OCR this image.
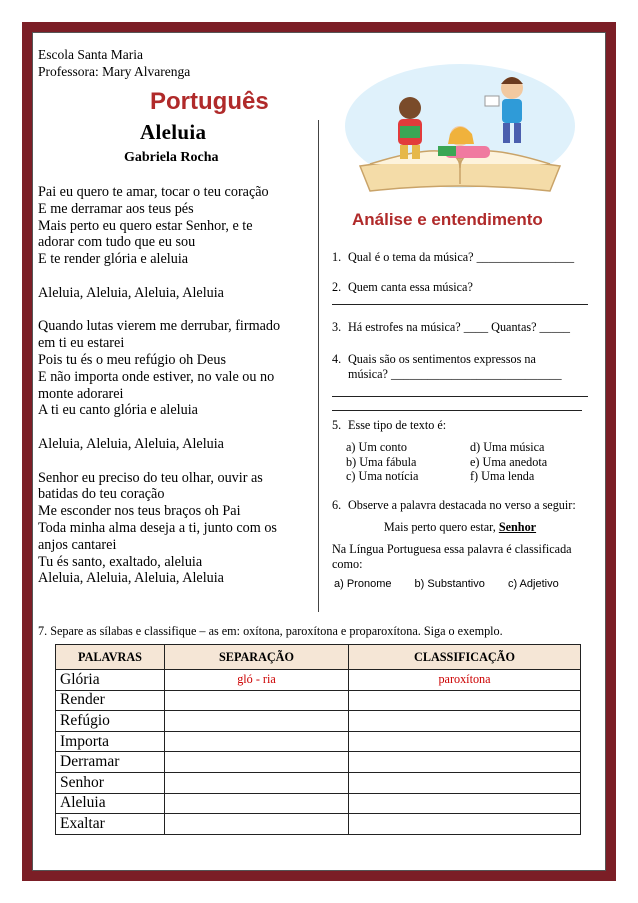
Escola Santa Maria
Professora: Mary Alvarenga
Português
Aleluia
Gabriela Rocha
Pai eu quero te amar, tocar o teu coração
E me derramar aos teus pés
Mais perto eu quero estar Senhor, e te
adorar com tudo que eu sou
E te render glória e aleluia
Aleluia, Aleluia, Aleluia, Aleluia
Quando lutas vierem me derrubar, firmado
em ti eu estarei
Pois tu és o meu refúgio oh Deus
E não importa onde estiver, no vale ou no
monte adorarei
A ti eu canto glória e aleluia
Aleluia, Aleluia, Aleluia, Aleluia
Senhor eu preciso do teu olhar, ouvir as
batidas do teu coração
Me esconder nos teus braços oh Pai
Toda minha alma deseja a ti, junto com os
anjos cantarei
Tu és santo, exaltado, aleluia
Aleluia, Aleluia, Aleluia, Aleluia
Análise e entendimento
1. Qual é o tema da música? ________________
2. Quem canta essa música?
3. Há estrofes na música? ____ Quantas? _____
4. Quais são os sentimentos expressos na
música? ____________________________
5. Esse tipo de texto é:
a) Um conto
b) Uma fábula
c) Uma notícia
d) Uma música
e) Uma anedota
f) Uma lenda
6. Observe a palavra destacada no verso a seguir:
Mais perto quero estar, Senhor
Na Língua Portuguesa essa palavra é classificada como:
a) Pronome b) Substantivo c) Adjetivo
7. Separe as sílabas e classifique – as em: oxítona, paroxítona e proparoxítona. Siga o exemplo.
PALAVRAS	SEPARAÇÃO	CLASSIFICAÇÃO
Glória	gló - ria	paroxítona
Render		
Refúgio		
Importa		
Derramar		
Senhor		
Aleluia		
Exaltar		
